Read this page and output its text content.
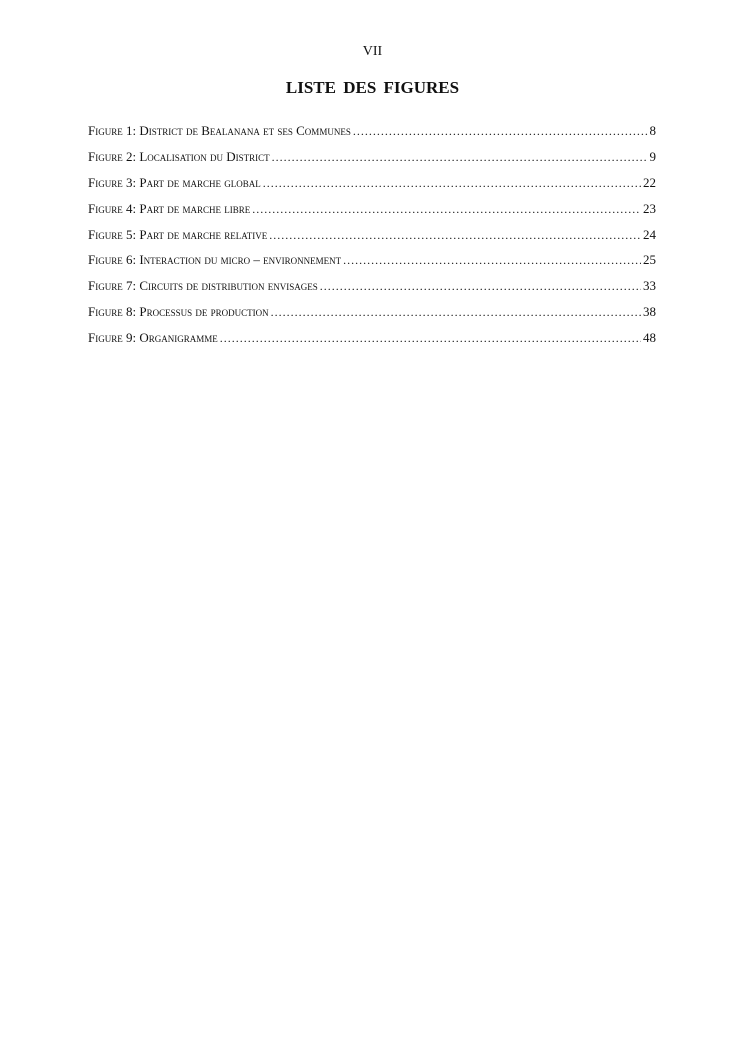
VII
LISTE DES FIGURES
Figure 1: District de Bealanana et ses Communes .....	8
Figure 2: Localisation du District .....	9
Figure 3: Part de marche global .....	22
Figure 4: Part de marche libre .....	23
Figure 5: Part de marche relative .....	24
Figure 6: Interaction du micro – environnement .....	25
Figure 7: Circuits de distribution envisages .....	33
Figure 8: Processus de production .....	38
Figure 9: Organigramme .....	48
